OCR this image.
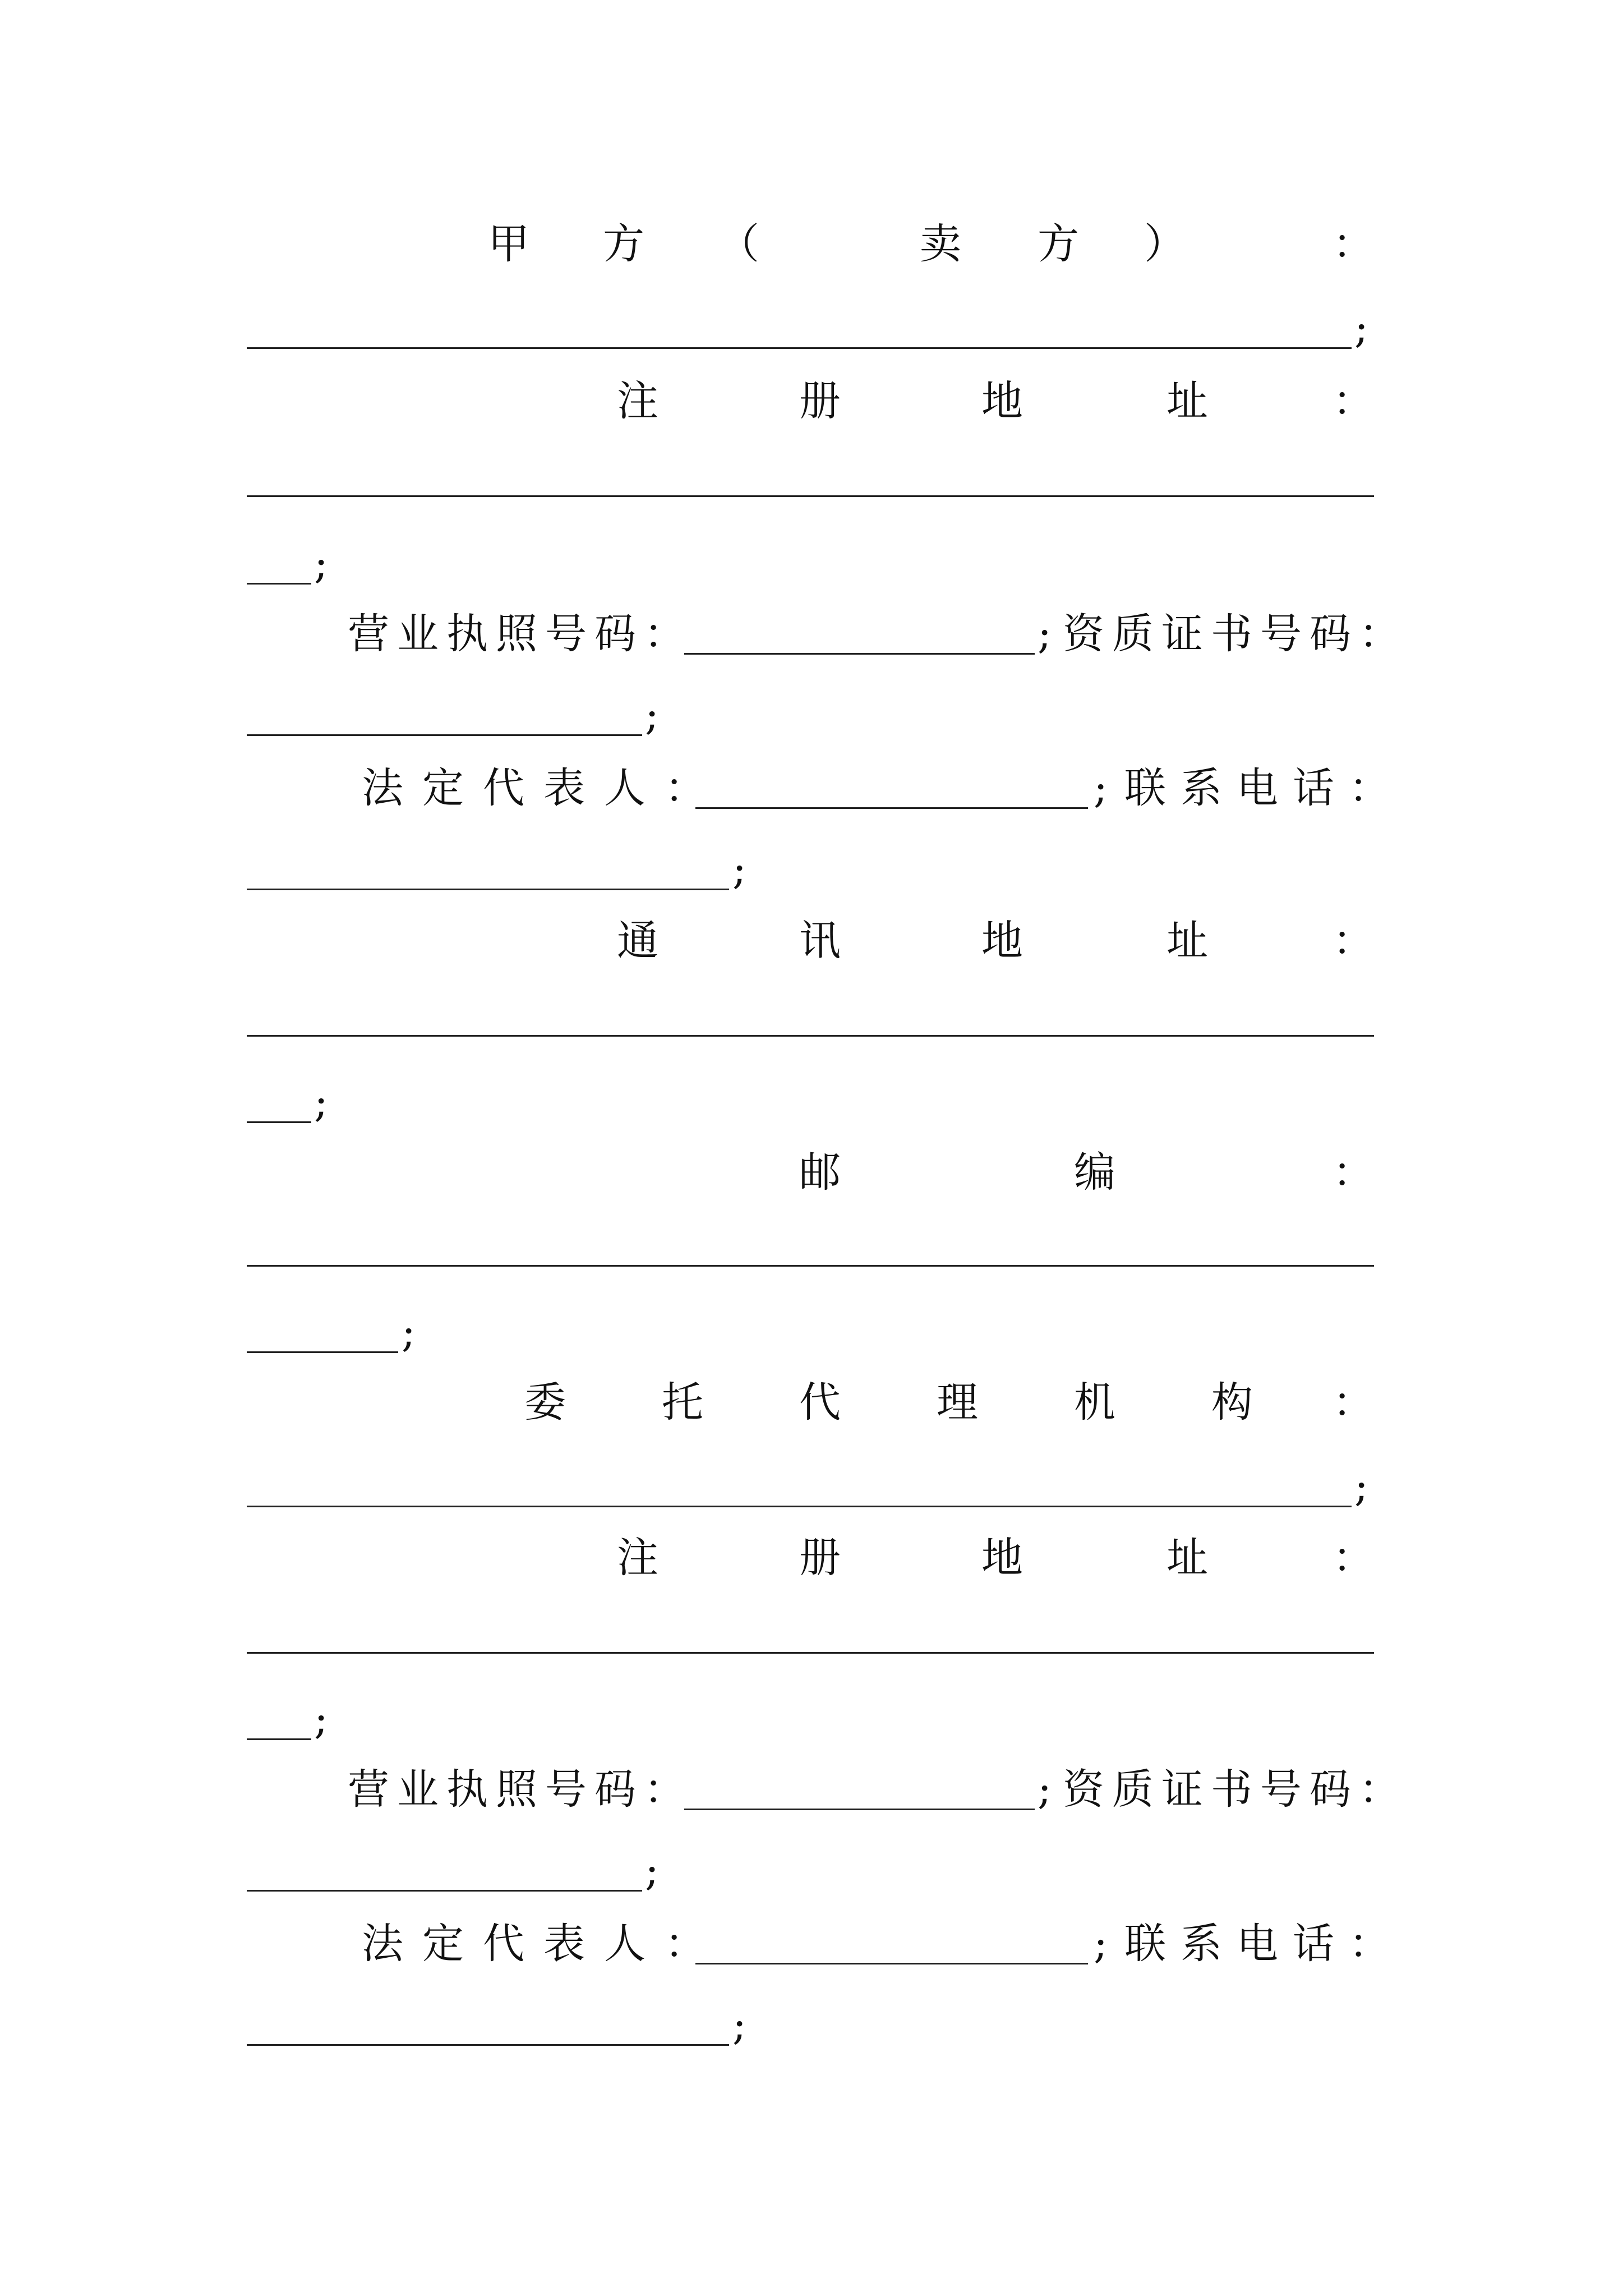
甲 方 （	卖 方 ）	：
;
注	册	地	址	：
;
营业执照号码：	; 资质证书号码：
;
法定代表人：	; 联系电话：
;
通	讯	地	址	：
;
邮	编	：
;
委 托 代 理 机 构 ：
;
注	册	地	址	：
;
营业执照号码：	; 资质证书号码：
;
法定代表人：	; 联系电话：
;
